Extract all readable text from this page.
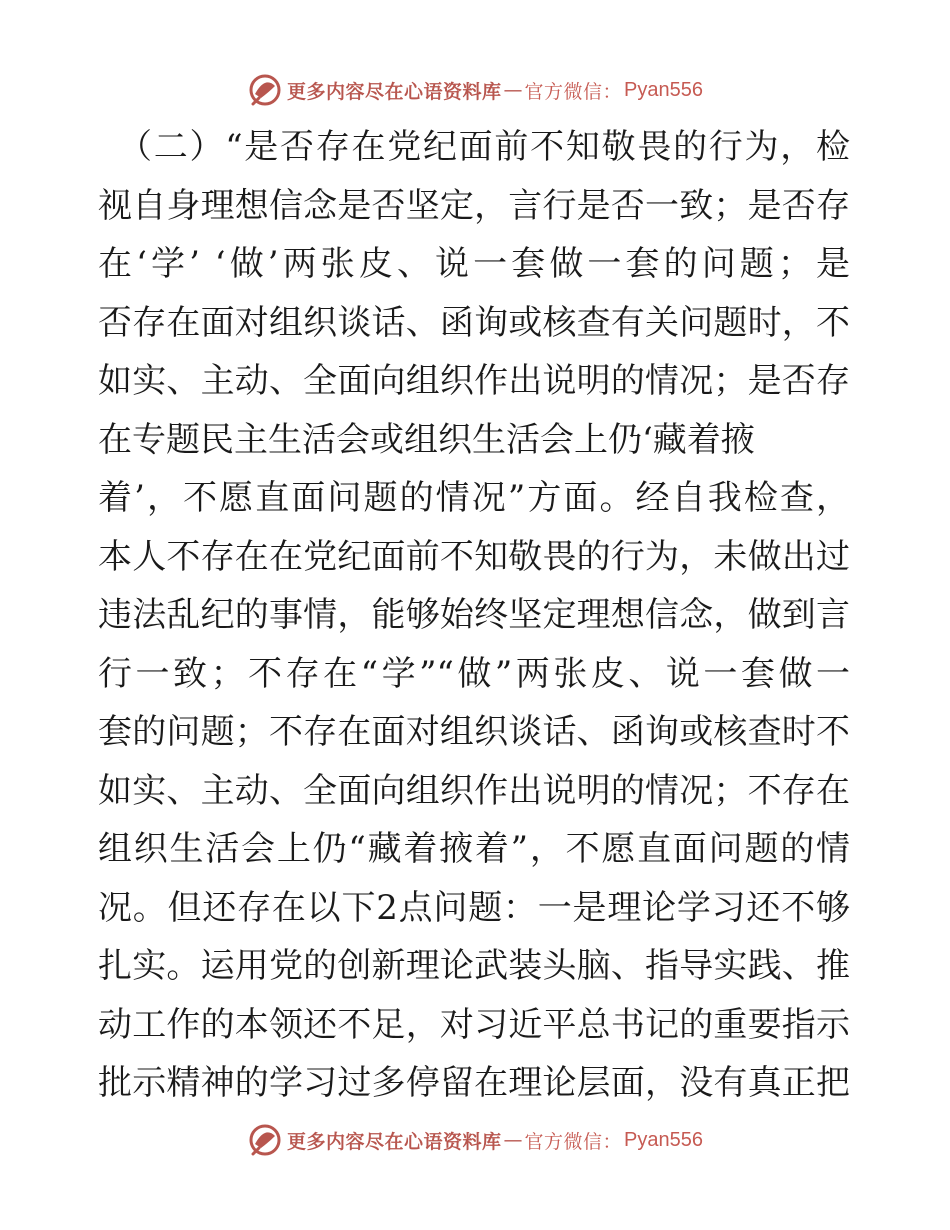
更多内容尽在心语资料库 — 官方微信： Pyan556
（二）“是否存在党纪面前不知敬畏的行为，检
视自身理想信念是否坚定，言行是否一致；是否存
在‘学’ ‘做’两张皮、说一套做一套的问题；是
否存在面对组织谈话、函询或核查有关问题时，不
如实、主动、全面向组织作出说明的情况；是否存
在专题民主生活会或组织生活会上仍‘藏着掖
着’，不愿直面问题的情况”方面。经自我检查，
本人不存在在党纪面前不知敬畏的行为，未做出过
违法乱纪的事情，能够始终坚定理想信念，做到言
行一致；不存在“学”“做”两张皮、说一套做一
套的问题；不存在面对组织谈话、函询或核查时不
如实、主动、全面向组织作出说明的情况；不存在
组织生活会上仍“藏着掖着”，不愿直面问题的情
况。但还存在以下2点问题：一是理论学习还不够
扎实。运用党的创新理论武装头脑、指导实践、推
动工作的本领还不足，对习近平总书记的重要指示
批示精神的学习过多停留在理论层面，没有真正把
更多内容尽在心语资料库 — 官方微信： Pyan556
